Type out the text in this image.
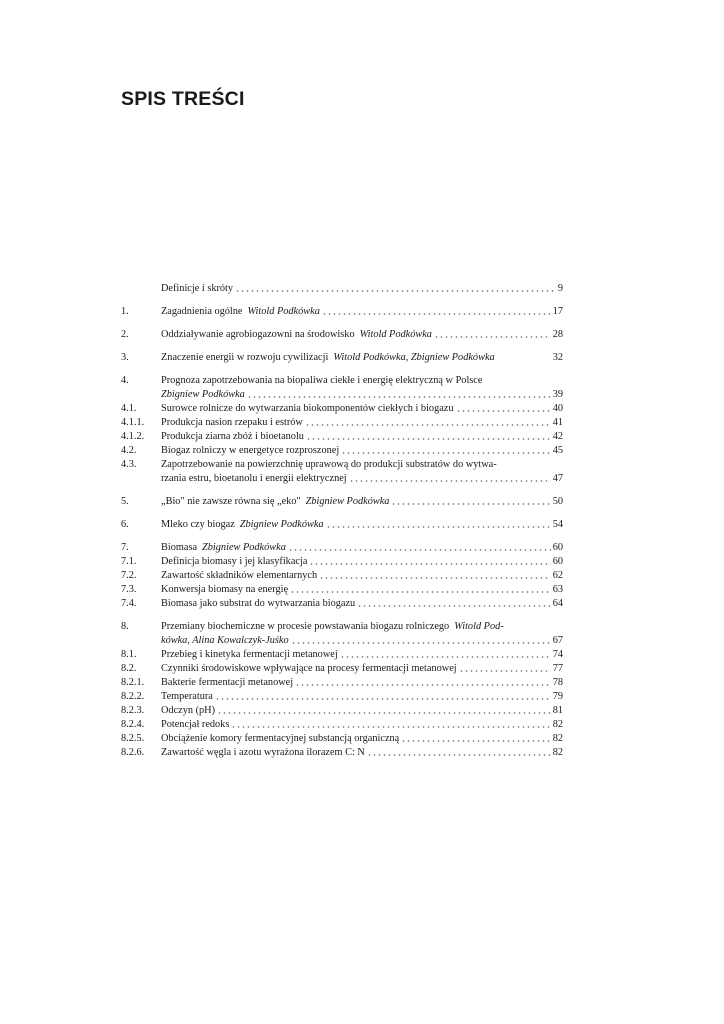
SPIS TREŚCI
Definicje i skróty	9
1.	Zagadnienia ogólne Witold Podkówka	17
2.	Oddziaływanie agrobiogazowni na środowisko Witold Podkówka	28
3.	Znaczenie energii w rozwoju cywilizacji Witold Podkówka, Zbigniew Podkówka	32
4.	Prognoza zapotrzebowania na biopaliwa ciekłe i energię elektryczną w Polsce
Zbigniew Podkówka	39
4.1.	Surowce rolnicze do wytwarzania biokomponentów ciekłych i biogazu	40
4.1.1.	Produkcja nasion rzepaku i estrów	41
4.1.2.	Produkcja ziarna zbóż i bioetanolu	42
4.2.	Biogaz rolniczy w energetyce rozproszonej	45
4.3.	Zapotrzebowanie na powierzchnię uprawową do produkcji substratów do wytwa-
rzania estru, bioetanolu i energii elektrycznej	47
5.	„Bio" nie zawsze równa się „eko" Zbigniew Podkówka	50
6.	Mleko czy biogaz Zbigniew Podkówka	54
7.	Biomasa Zbigniew Podkówka	60
7.1.	Definicja biomasy i jej klasyfikacja	60
7.2.	Zawartość składników elementarnych	62
7.3.	Konwersja biomasy na energię	63
7.4.	Biomasa jako substrat do wytwarzania biogazu	64
8.	Przemiany biochemiczne w procesie powstawania biogazu rolniczego Witold Pod-
kówka, Alina Kowalczyk-Juśko	67
8.1.	Przebieg i kinetyka fermentacji metanowej	74
8.2.	Czynniki środowiskowe wpływające na procesy fermentacji metanowej	77
8.2.1.	Bakterie fermentacji metanowej	78
8.2.2.	Temperatura	79
8.2.3.	Odczyn (pH)	81
8.2.4.	Potencjał redoks	82
8.2.5.	Obciążenie komory fermentacyjnej substancją organiczną	82
8.2.6.	Zawartość węgla i azotu wyrażona ilorazem C: N	82
